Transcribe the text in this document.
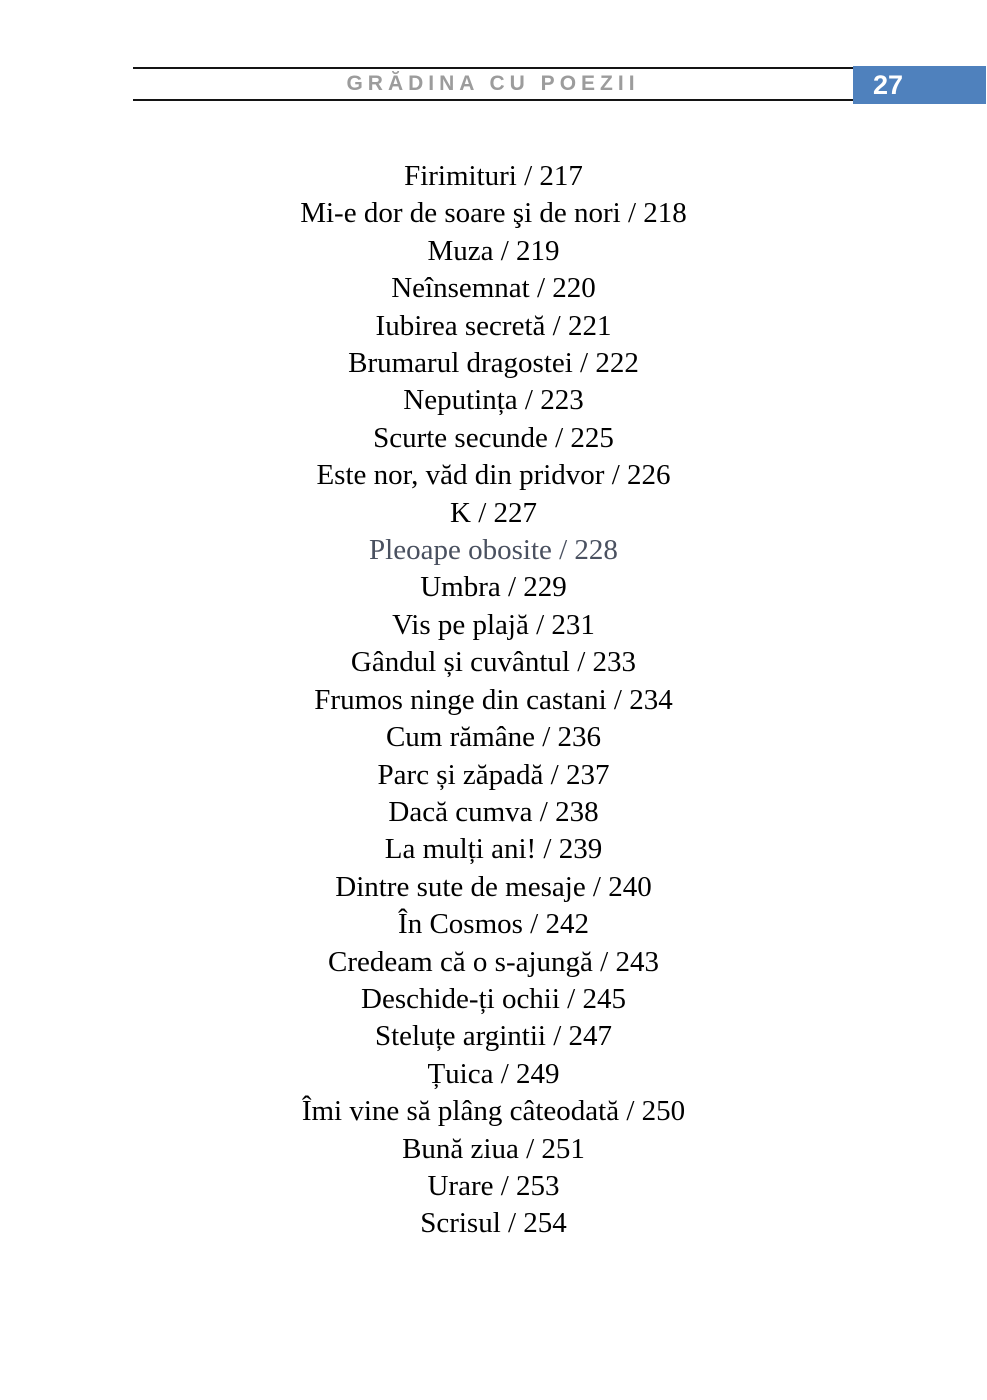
GRĂDINA CU POEZII	27
Firimituri / 217
Mi-e dor de soare şi de nori / 218
Muza / 219
Neînsemnat / 220
Iubirea secretă / 221
Brumarul dragostei / 222
Neputința / 223
Scurte secunde / 225
Este nor, văd din pridvor / 226
K / 227
Pleoape obosite / 228
Umbra / 229
Vis pe plajă / 231
Gândul și cuvântul / 233
Frumos ninge din castani / 234
Cum rămâne / 236
Parc și zăpadă / 237
Dacă cumva / 238
La mulți ani! / 239
Dintre sute de mesaje / 240
În Cosmos / 242
Credeam că o s-ajungă / 243
Deschide-ți ochii / 245
Steluțe argintii / 247
Țuica / 249
Îmi vine să plâng câteodată / 250
Bună ziua / 251
Urare / 253
Scrisul / 254
